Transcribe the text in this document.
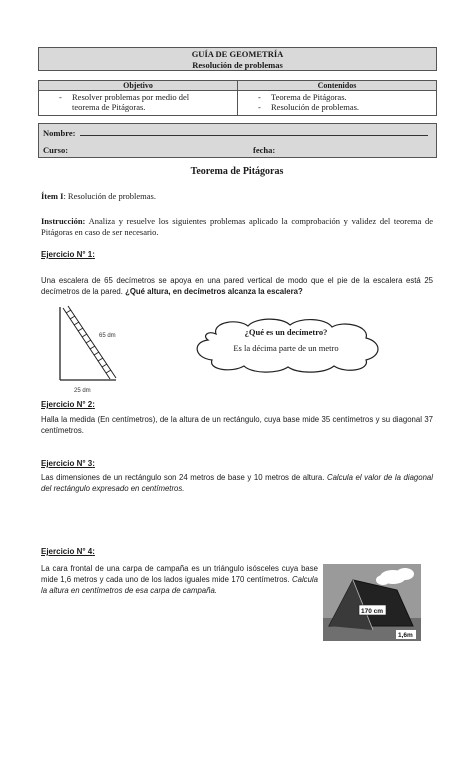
GUÍA DE GEOMETRÍA
Resolución de problemas
Objetivo	Contenidos
- Resolver problemas por medio del
teorema de Pitágoras.
- Teorema de Pitágoras.
- Resolución de problemas.
Nombre:
Curso:	fecha:
Teorema de Pitágoras
Ítem I: Resolución de problemas.
Instrucción: Analiza y resuelve los siguientes problemas aplicado la comprobación y validez del teorema de Pitágoras en caso de ser necesario.
Ejercicio N° 1:
Una escalera de 65 decímetros se apoya en una pared vertical de modo que el pie de la escalera está 25 decímetros de la pared. ¿Qué altura, en decímetros alcanza la escalera?
65 dm
25 dm
¿Qué es un decímetro?
Es la décima parte de un metro
Ejercicio N° 2:
Halla la medida (En centímetros), de la altura de un rectángulo, cuya base mide 35 centímetros y su diagonal 37 centímetros.
Ejercicio N° 3:
Las dimensiones de un rectángulo son 24 metros de base y 10 metros de altura. Calcula el valor de la diagonal del rectángulo expresado en centímetros.
Ejercicio N° 4:
La cara frontal de una carpa de campaña es un triángulo isósceles cuya base mide 1,6 metros y cada uno de los lados iguales mide 170 centímetros. Calcula la altura en centímetros de esa carpa de campaña.
170 cm
1,6m
